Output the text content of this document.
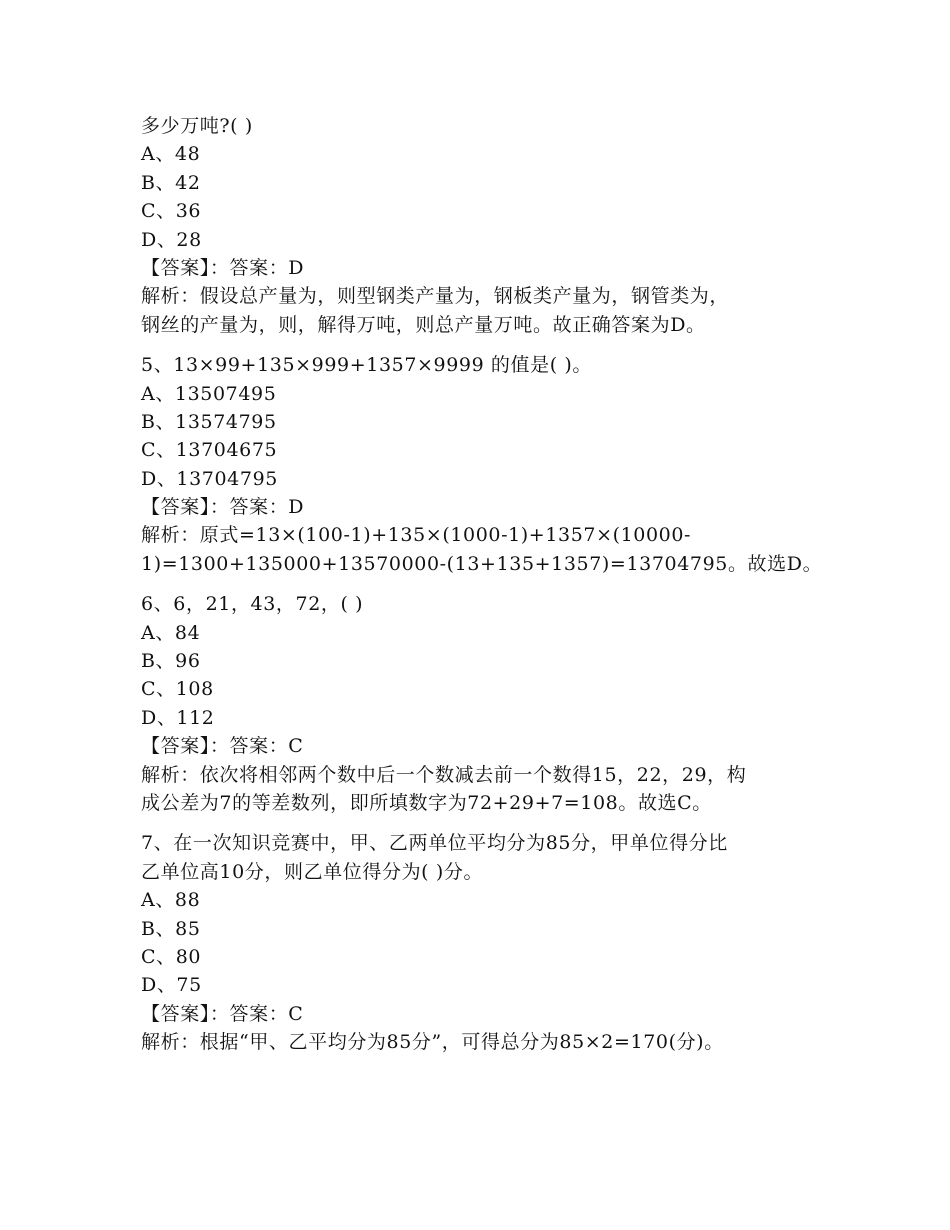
多少万吨?( )
A、48
B、42
C、36
D、28
【答案】：答案：D
解析：假设总产量为，则型钢类产量为，钢板类产量为，钢管类为，
钢丝的产量为，则，解得万吨，则总产量万吨。故正确答案为D。
5、13×99+135×999+1357×9999 的值是( )。
A、13507495
B、13574795
C、13704675
D、13704795
【答案】：答案：D
解析：原式=13×(100-1)+135×(1000-1)+1357×(10000-
1)=1300+135000+13570000-(13+135+1357)=13704795。故选D。
6、6，21，43，72，( )
A、84
B、96
C、108
D、112
【答案】：答案：C
解析：依次将相邻两个数中后一个数减去前一个数得15，22，29，构
成公差为7的等差数列，即所填数字为72+29+7=108。故选C。
7、在一次知识竞赛中，甲、乙两单位平均分为85分，甲单位得分比
乙单位高10分，则乙单位得分为( )分。
A、88
B、85
C、80
D、75
【答案】：答案：C
解析：根据“甲、乙平均分为85分”，可得总分为85×2=170(分)。
